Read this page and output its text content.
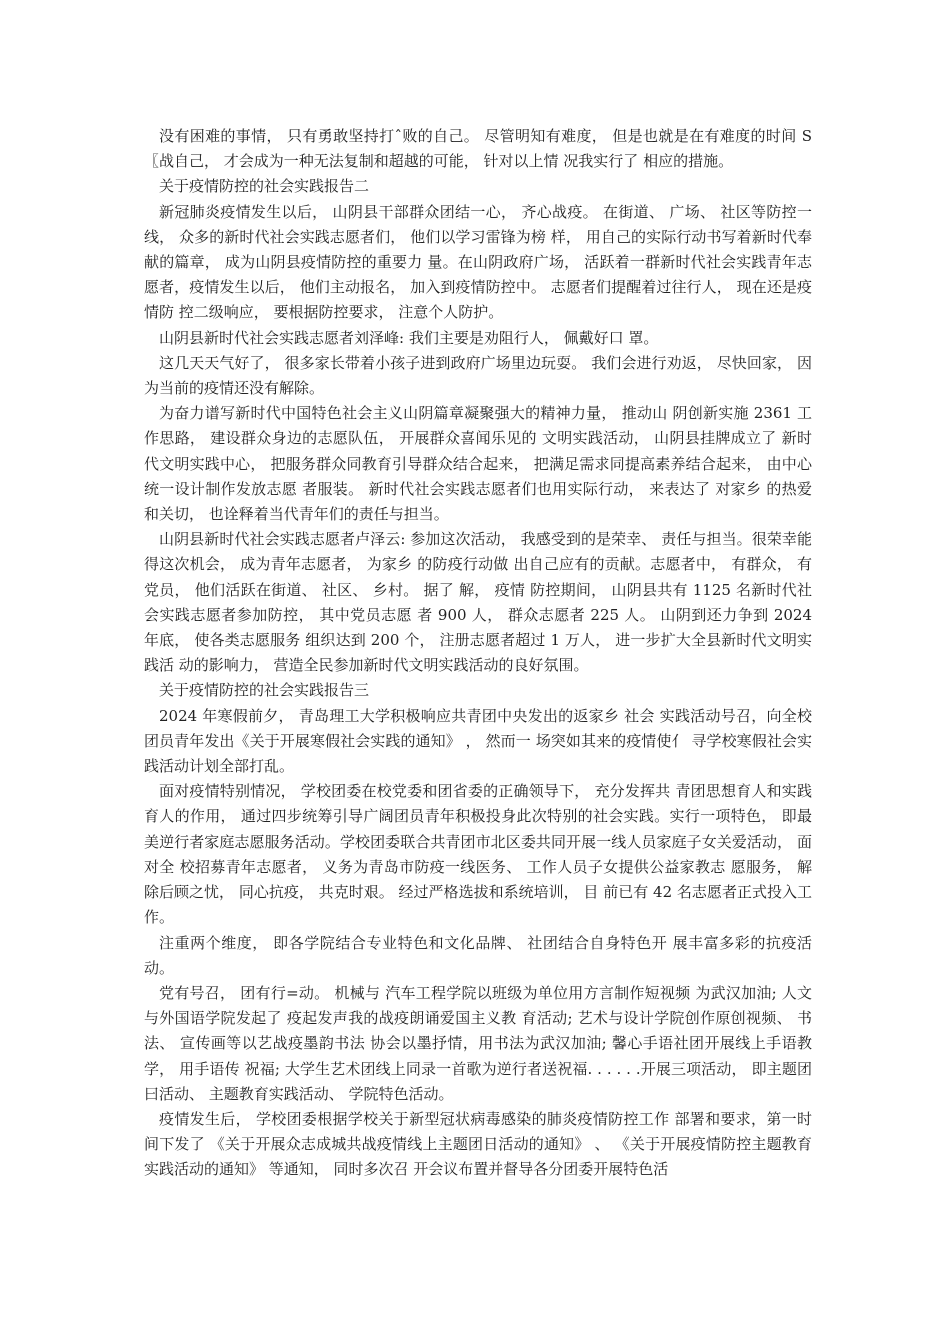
没有困难的事情， 只有勇敢坚持打ˆ败的自己。 尽管明知有难度， 但是也就是在有难度的时间 S〖战自己， 才会成为一种无法复制和超越的可能， 针对以上情 况我实行了 相应的措施。

关于疫情防控的社会实践报告二

新冠肺炎疫情发生以后， 山阴县干部群众团结一心， 齐心战疫。 在街道、 广场、 社区等防控一线， 众多的新时代社会实践志愿者们， 他们以学习雷锋为榜 样， 用自己的实际行动书写着新时代奉献的篇章， 成为山阴县疫情防控的重要力 量。在山阴政府广场， 活跃着一群新时代社会实践青年志愿者，疫情发生以后， 他们主动报名， 加入到疫情防控中。 志愿者们提醒着过往行人， 现在还是疫情防 控二级响应， 要根据防控要求， 注意个人防护。

山阴县新时代社会实践志愿者刘泽峰: 我们主要是劝阻行人， 佩戴好口 罩。

这几天天气好了， 很多家长带着小孩子进到政府广场里边玩耍。 我们会进行劝返， 尽快回家， 因为当前的疫情还没有解除。

为奋力谱写新时代中国特色社会主义山阴篇章凝聚强大的精神力量， 推动山 阴创新实施 2361 工作思路， 建设群众身边的志愿队伍， 开展群众喜闻乐见的 文明实践活动， 山阴县挂牌成立了 新时代文明实践中心， 把服务群众同教育引导群众结合起来， 把满足需求同提高素养结合起来， 由中心统一设计制作发放志愿 者服装。 新时代社会实践志愿者们也用实际行动， 来表达了 对家乡 的热爱和关切， 也诠释着当代青年们的责任与担当。

山阴县新时代社会实践志愿者卢泽云: 参加这次活动， 我感受到的是荣幸、 责任与担当。很荣幸能得这次机会， 成为青年志愿者， 为家乡 的防疫行动做 出自己应有的贡献。志愿者中， 有群众， 有党员， 他们活跃在街道、 社区、 乡村。 据了 解， 疫情 防控期间， 山阴县共有 1125 名新时代社会实践志愿者参加防控， 其中党员志愿 者 900 人， 群众志愿者 225 人。 山阴到还力争到 2024 年底， 使各类志愿服务 组织达到 200 个， 注册志愿者超过 1 万人， 进一步扩大全县新时代文明实践活 动的影响力， 营造全民参加新时代文明实践活动的良好氛围。

关于疫情防控的社会实践报告三

2024 年寒假前夕， 青岛理工大学积极响应共青团中央发出的返家乡 社会 实践活动号召，向全校团员青年发出《关于开展寒假社会实践的通知》 ， 然而一 场突如其来的疫情使⺅ 寻学校寒假社会实践活动计划全部打乱。

面对疫情特别情况， 学校团委在校党委和团省委的正确领导下， 充分发挥共 青团思想育人和实践育人的作用， 通过四步统筹引导广阔团员青年积极投身此次特别的社会实践。实行一项特色， 即最美逆行者家庭志愿服务活动。学校团委联合共青团市北区委共同开展一线人员家庭子女关爱活动， 面对全 校招募青年志愿者， 义务为青岛市防疫一线医务、 工作人员子女提供公益家教志 愿服务， 解除后顾之忧， 同心抗疫， 共克时艰。 经过严格选拔和系统培训， 目 前已有 42 名志愿者正式投入工作。

注重两个维度， 即各学院结合专业特色和文化品牌、 社团结合自身特色开 展丰富多彩的抗疫活动。

党有号召， 团有行=动。 机械与 汽车工程学院以班级为单位用方言制作短视频 为武汉加油; 人文与外国语学院发起了 疫起发声我的战疫朗诵爱国主义教 育活动; 艺术与设计学院创作原创视频、 书法、 宣传画等以艺战疫墨韵书法 协会以墨抒情，用书法为武汉加油; 馨心手语社团开展线上手语教学， 用手语传 祝福; 大学生艺术团线上同录一首歌为逆行者送祝福. . . . . .开展三项活动， 即主题团曰活动、 主题教育实践活动、 学院特色活动。

疫情发生后， 学校团委根据学校关于新型冠状病毒感染的肺炎疫情防控工作 部署和要求，第一时间下发了 《关于开展众志成城共战疫情线上主题团日活动的通知》 、 《关于开展疫情防控主题教育实践活动的通知》 等通知， 同时多次召 开会议布置并督导各分团委开展特色活
